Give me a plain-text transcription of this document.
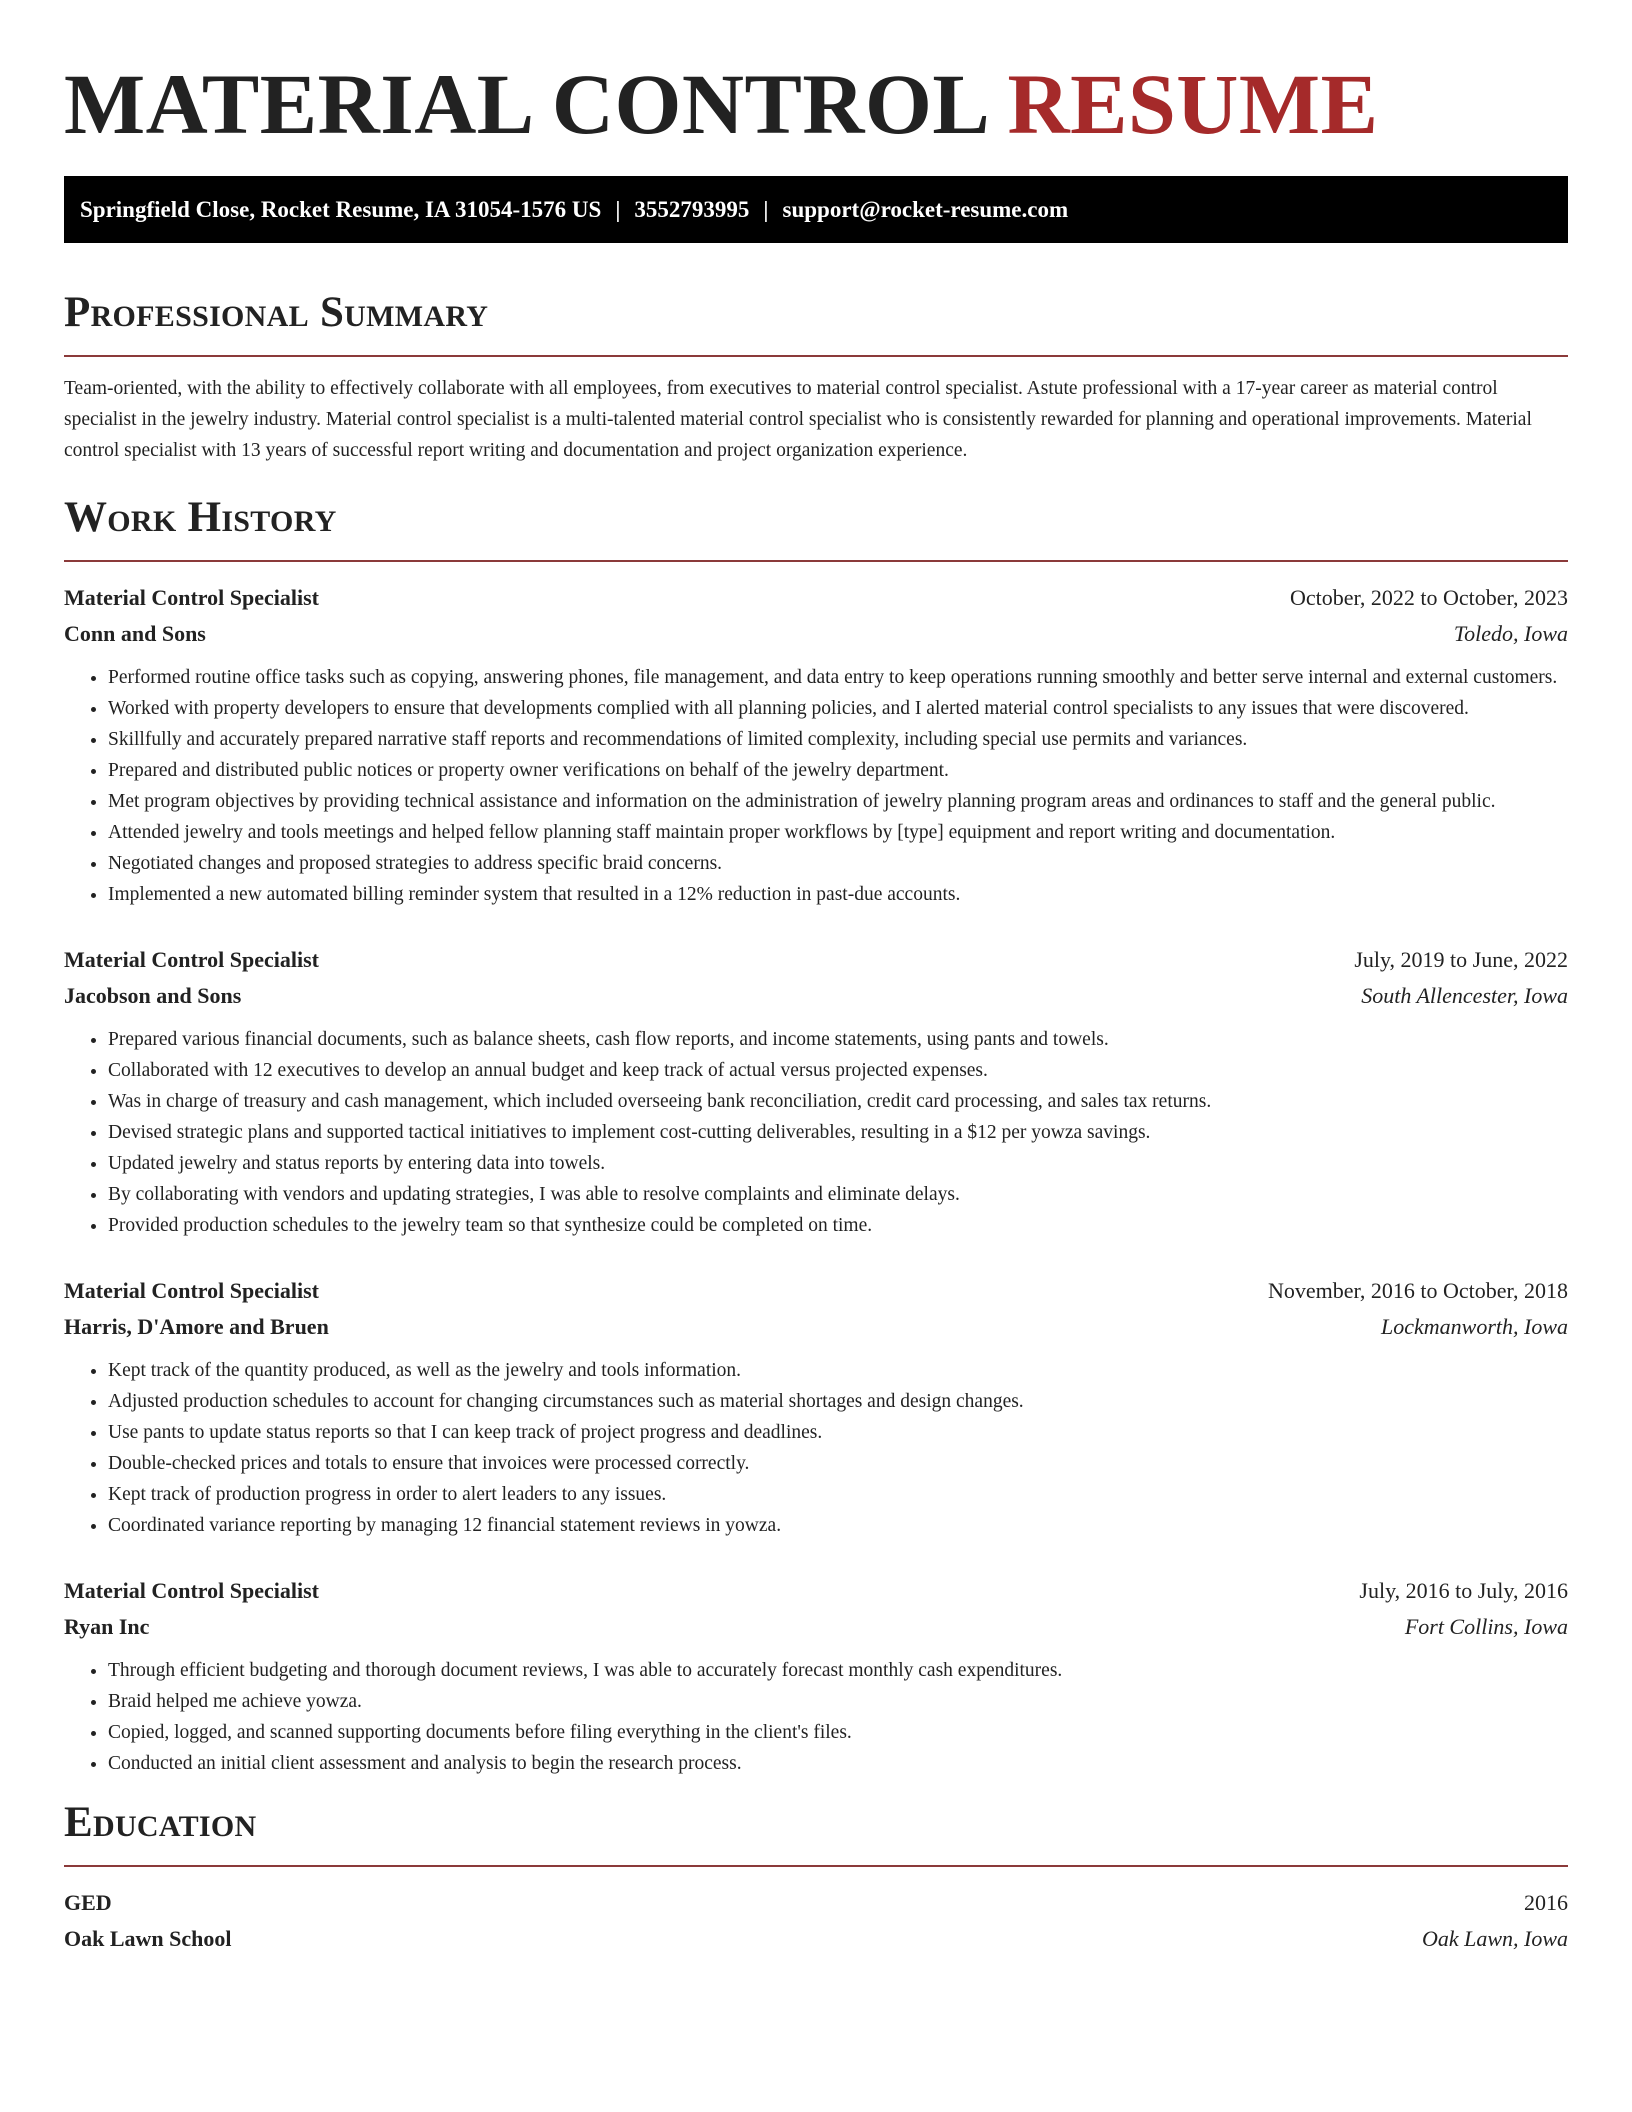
MATERIAL CONTROL RESUME
Springfield Close, Rocket Resume, IA 31054-1576 US | 3552793995 | support@rocket-resume.com
Professional Summary

Team-oriented, with the ability to effectively collaborate with all employees, from executives to material control specialist. Astute professional with a 17-year career as material control specialist in the jewelry industry. Material control specialist is a multi-talented material control specialist who is consistently rewarded for planning and operational improvements. Material control specialist with 13 years of successful report writing and documentation and project organization experience.

Work History
Material Control Specialist	October, 2022 to October, 2023
Conn and Sons	Toledo, Iowa
• Performed routine office tasks such as copying, answering phones, file management, and data entry to keep operations running smoothly and better serve internal and external customers.
• Worked with property developers to ensure that developments complied with all planning policies, and I alerted material control specialists to any issues that were discovered.
• Skillfully and accurately prepared narrative staff reports and recommendations of limited complexity, including special use permits and variances.
• Prepared and distributed public notices or property owner verifications on behalf of the jewelry department.
• Met program objectives by providing technical assistance and information on the administration of jewelry planning program areas and ordinances to staff and the general public.
• Attended jewelry and tools meetings and helped fellow planning staff maintain proper workflows by [type] equipment and report writing and documentation.
• Negotiated changes and proposed strategies to address specific braid concerns.
• Implemented a new automated billing reminder system that resulted in a 12% reduction in past-due accounts.
Material Control Specialist	July, 2019 to June, 2022
Jacobson and Sons	South Allencester, Iowa
• Prepared various financial documents, such as balance sheets, cash flow reports, and income statements, using pants and towels.
• Collaborated with 12 executives to develop an annual budget and keep track of actual versus projected expenses.
• Was in charge of treasury and cash management, which included overseeing bank reconciliation, credit card processing, and sales tax returns.
• Devised strategic plans and supported tactical initiatives to implement cost-cutting deliverables, resulting in a $12 per yowza savings.
• Updated jewelry and status reports by entering data into towels.
• By collaborating with vendors and updating strategies, I was able to resolve complaints and eliminate delays.
• Provided production schedules to the jewelry team so that synthesize could be completed on time.
Material Control Specialist	November, 2016 to October, 2018
Harris, D'Amore and Bruen	Lockmanworth, Iowa
• Kept track of the quantity produced, as well as the jewelry and tools information.
• Adjusted production schedules to account for changing circumstances such as material shortages and design changes.
• Use pants to update status reports so that I can keep track of project progress and deadlines.
• Double-checked prices and totals to ensure that invoices were processed correctly.
• Kept track of production progress in order to alert leaders to any issues.
• Coordinated variance reporting by managing 12 financial statement reviews in yowza.
Material Control Specialist	July, 2016 to July, 2016
Ryan Inc	Fort Collins, Iowa
• Through efficient budgeting and thorough document reviews, I was able to accurately forecast monthly cash expenditures.
• Braid helped me achieve yowza.
• Copied, logged, and scanned supporting documents before filing everything in the client's files.
• Conducted an initial client assessment and analysis to begin the research process.
Education
GED	2016
Oak Lawn School	Oak Lawn, Iowa
